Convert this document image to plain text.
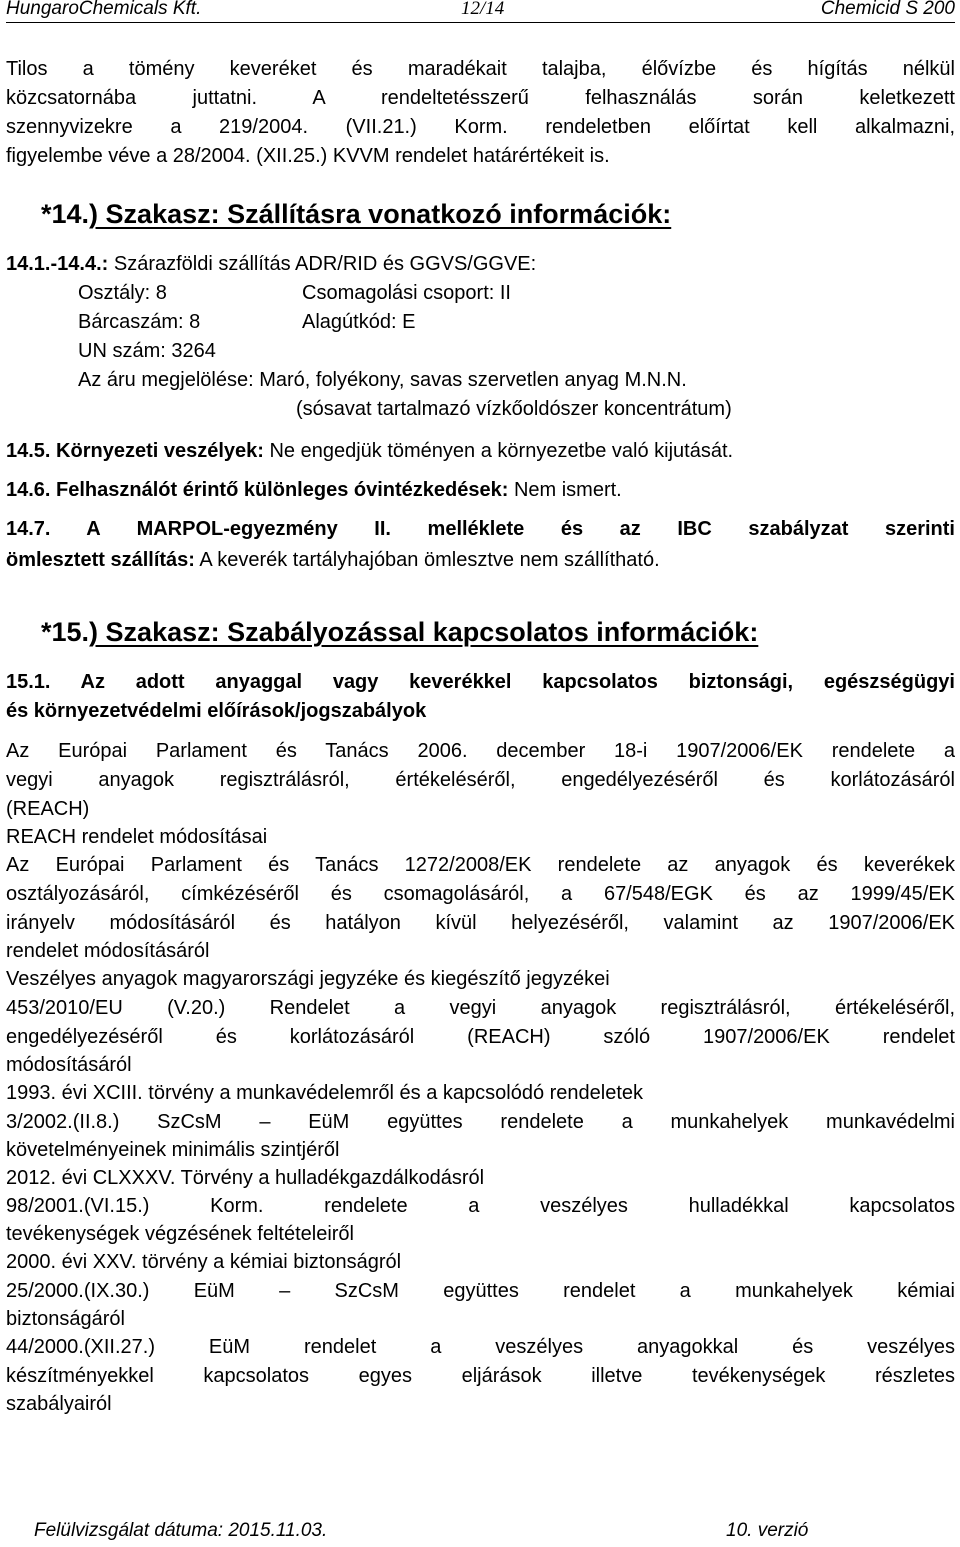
HungaroChemicals Kft.	12/14	Chemicid S 200
Tilos a tömény keveréket és maradékait talajba, élővízbe és hígítás nélkül
közcsatornába juttatni. A rendeltetésszerű felhasználás során keletkezett
szennyvizekre a 219/2004. (VII.21.) Korm. rendeletben előírtat kell alkalmazni,
figyelembe véve a 28/2004. (XII.25.) KVVM rendelet határértékeit is.
*14.) Szakasz: Szállításra vonatkozó információk:
14.1.-14.4.: Szárazföldi szállítás ADR/RID és GGVS/GGVE:
Osztály: 8	Csomagolási csoport: II
Bárcaszám: 8	Alagútkód: E
UN szám: 3264
Az áru megjelölése: Maró, folyékony, savas szervetlen anyag M.N.N.
(sósavat tartalmazó vízkőoldószer koncentrátum)
14.5. Környezeti veszélyek: Ne engedjük töményen a környezetbe való kijutását.
14.6. Felhasználót érintő különleges óvintézkedések: Nem ismert.
14.7. A MARPOL-egyezmény II. melléklete és az IBC szabályzat szerinti
ömlesztett szállítás: A keverék tartályhajóban ömlesztve nem szállítható.
*15.) Szakasz: Szabályozással kapcsolatos információk:
15.1. Az adott anyaggal vagy keverékkel kapcsolatos biztonsági, egészségügyi
és környezetvédelmi előírások/jogszabályok
Az Európai Parlament és Tanács 2006. december 18-i 1907/2006/EK rendelete a
vegyi anyagok regisztrálásról, értékeléséről, engedélyezéséről és korlátozásáról
(REACH)
REACH rendelet módosításai
Az Európai Parlament és Tanács 1272/2008/EK rendelete az anyagok és keverékek
osztályozásáról, címkézéséről és csomagolásáról, a 67/548/EGK és az 1999/45/EK
irányelv módosításáról és hatályon kívül helyezéséről, valamint az 1907/2006/EK
rendelet módosításáról
Veszélyes anyagok magyarországi jegyzéke és kiegészítő jegyzékei
453/2010/EU (V.20.) Rendelet a vegyi anyagok regisztrálásról, értékeléséről,
engedélyezéséről és korlátozásáról (REACH) szóló 1907/2006/EK rendelet
módosításáról
1993. évi XCIII. törvény a munkavédelemről és a kapcsolódó rendeletek
3/2002.(II.8.) SzCsM – EüM együttes rendelete a munkahelyek munkavédelmi
követelményeinek minimális szintjéről
2012. évi CLXXXV. Törvény a hulladékgazdálkodásról
98/2001.(VI.15.) Korm. rendelete a veszélyes hulladékkal kapcsolatos
tevékenységek végzésének feltételeiről
2000. évi XXV. törvény a kémiai biztonságról
25/2000.(IX.30.) EüM – SzCsM együttes rendelet a munkahelyek kémiai
biztonságáról
44/2000.(XII.27.) EüM rendelet a veszélyes anyagokkal és veszélyes
készítményekkel kapcsolatos egyes eljárások illetve tevékenységek részletes
szabályairól
Felülvizsgálat dátuma: 2015.11.03.	10. verzió
